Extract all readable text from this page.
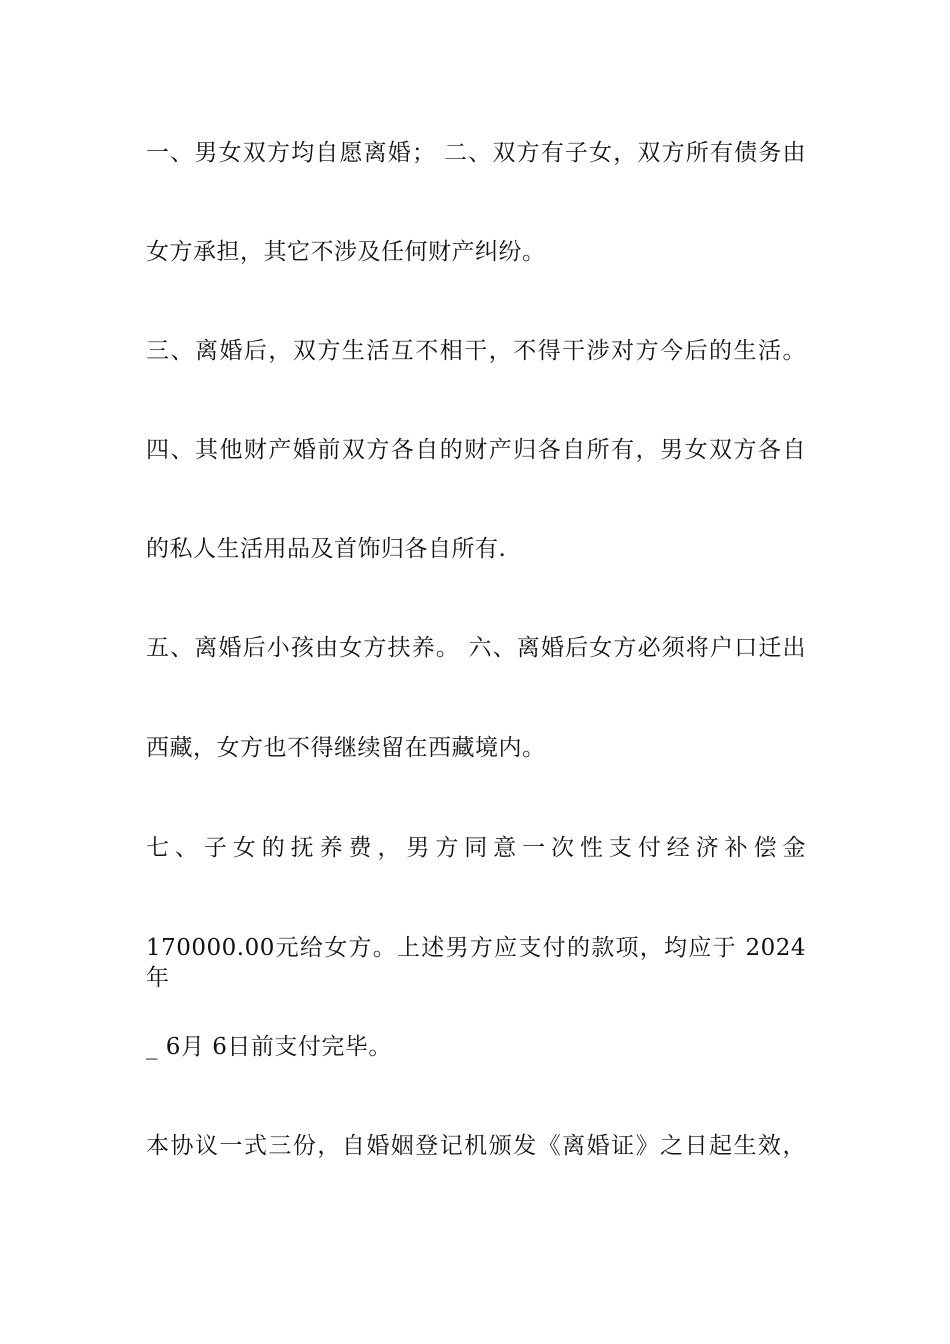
一、男女双方均自愿离婚； 二、双方有子女，双方所有债务由
女方承担，其它不涉及任何财产纠纷。
三、离婚后，双方生活互不相干，不得干涉对方今后的生活。
四、其他财产婚前双方各自的财产归各自所有，男女双方各自
的私人生活用品及首饰归各自所有.
五、离婚后小孩由女方扶养。 六、离婚后女方必须将户口迁出
西藏，女方也不得继续留在西藏境内。
七、子女的抚养费，男方同意一次性支付经济补偿金
170000.00元给女方。上述男方应支付的款项，均应于 2024 年
_ 6月 6日前支付完毕。
本协议一式三份，自婚姻登记机颁发《离婚证》之日起生效，
